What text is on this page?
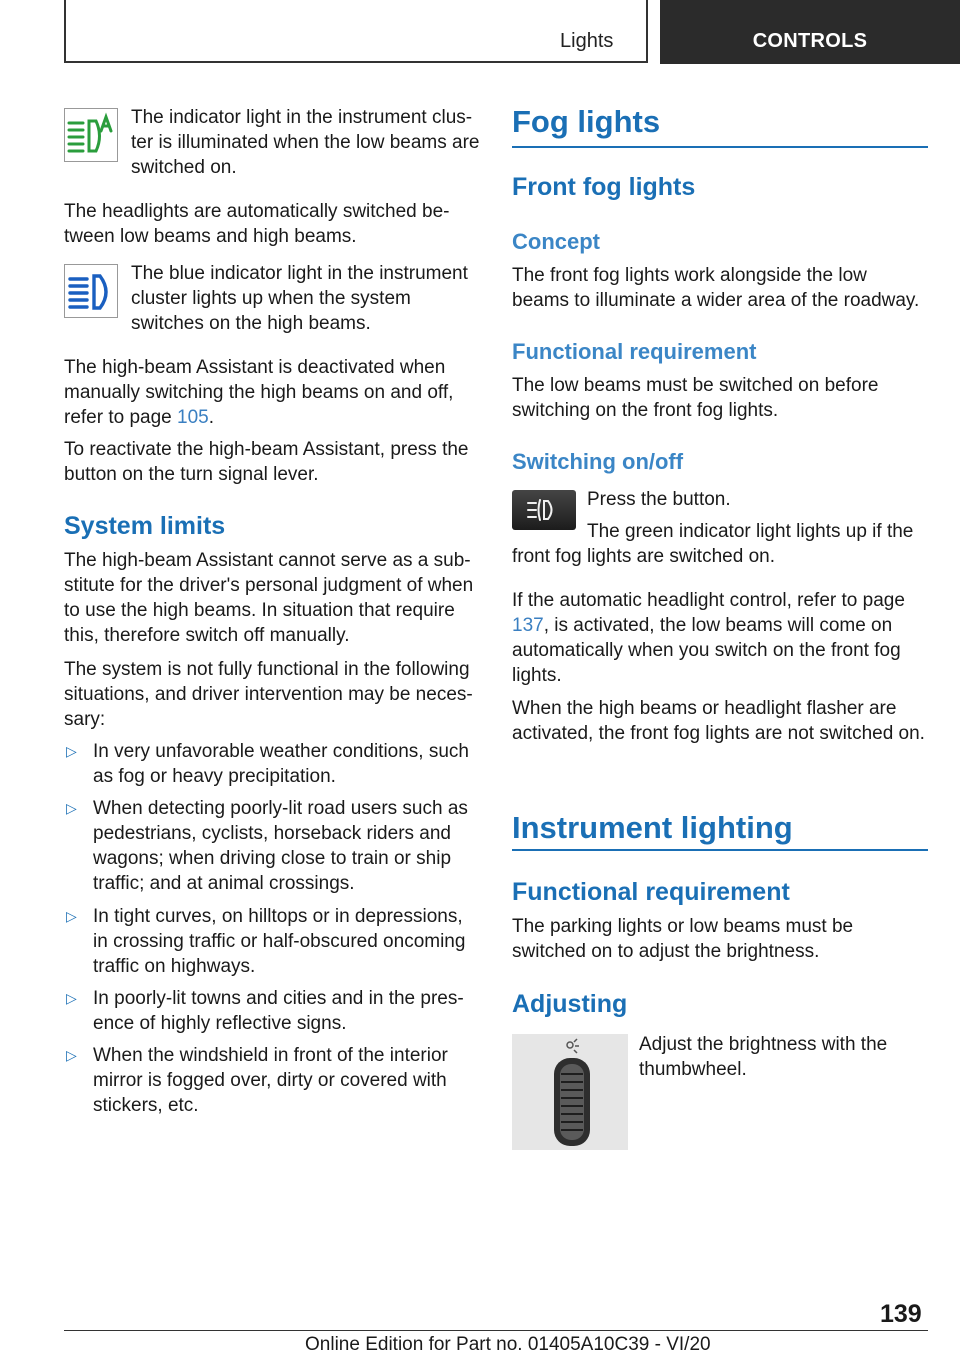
Lights	CONTROLS

The indicator light in the instrument clus-ter is illuminated when the low beams are switched on.

The headlights are automatically switched be-tween low beams and high beams.

The blue indicator light in the instrument cluster lights up when the system switches on the high beams.

The high-beam Assistant is deactivated when manually switching the high beams on and off, refer to page 105.

To reactivate the high-beam Assistant, press the button on the turn signal lever.

System limits

The high-beam Assistant cannot serve as a sub-stitute for the driver's personal judgment of when to use the high beams. In situation that require this, therefore switch off manually.

The system is not fully functional in the following situations, and driver intervention may be neces-sary:

▷ In very unfavorable weather conditions, such as fog or heavy precipitation.

▷ When detecting poorly-lit road users such as pedestrians, cyclists, horseback riders and wagons; when driving close to train or ship traffic; and at animal crossings.

▷ In tight curves, on hilltops or in depressions, in crossing traffic or half-obscured oncoming traffic on highways.

▷ In poorly-lit towns and cities and in the pres-ence of highly reflective signs.

▷ When the windshield in front of the interior mirror is fogged over, dirty or covered with stickers, etc.

Fog lights
Front fog lights
Concept

The front fog lights work alongside the low beams to illuminate a wider area of the roadway.

Functional requirement

The low beams must be switched on before switching on the front fog lights.

Switching on/off

Press the button.

The green indicator light lights up if the

front fog lights are switched on.

If the automatic headlight control, refer to page 137, is activated, the low beams will come on automatically when you switch on the front fog lights.

When the high beams or headlight flasher are activated, the front fog lights are not switched on.

Instrument lighting
Functional requirement

The parking lights or low beams must be switched on to adjust the brightness.

Adjusting

Adjust the brightness with the thumbwheel.

139
Online Edition for Part no. 01405A10C39 - VI/20
